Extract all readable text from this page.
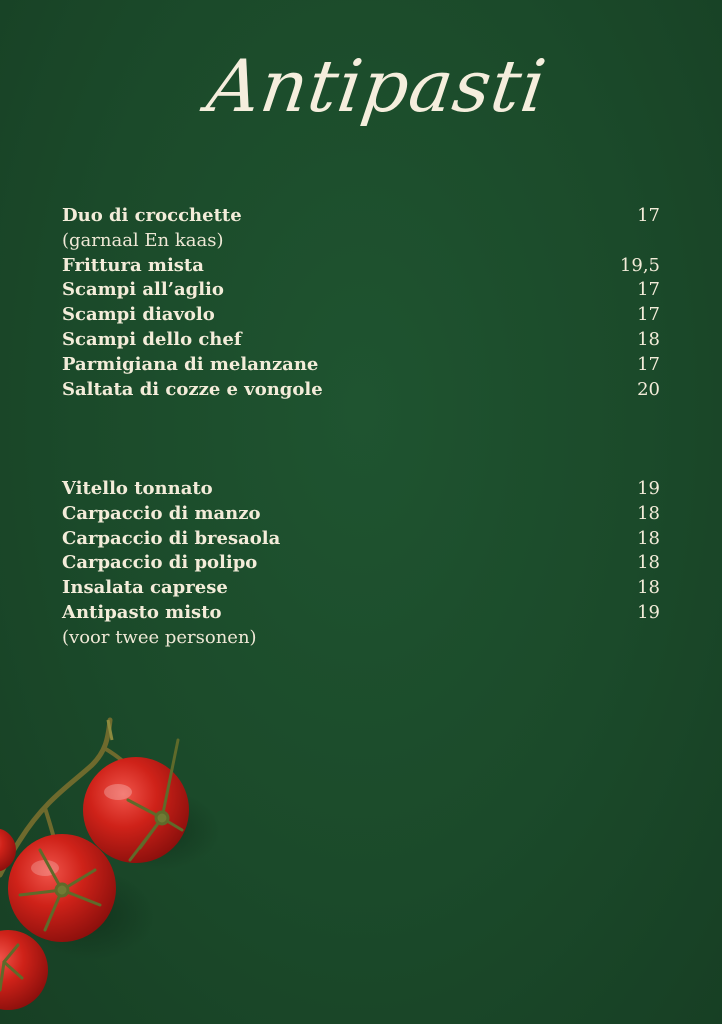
Antipasti
Duo di crocchette	17
(garnaal En kaas)
Frittura mista	19,5
Scampi all’aglio	17
Scampi diavolo	17
Scampi dello chef	18
Parmigiana di melanzane	17
Saltata di cozze e vongole	20
Vitello tonnato	19
Carpaccio di manzo	18
Carpaccio di bresaola	18
Carpaccio di polipo	18
Insalata caprese	18
Antipasto misto	19
(voor twee personen)
